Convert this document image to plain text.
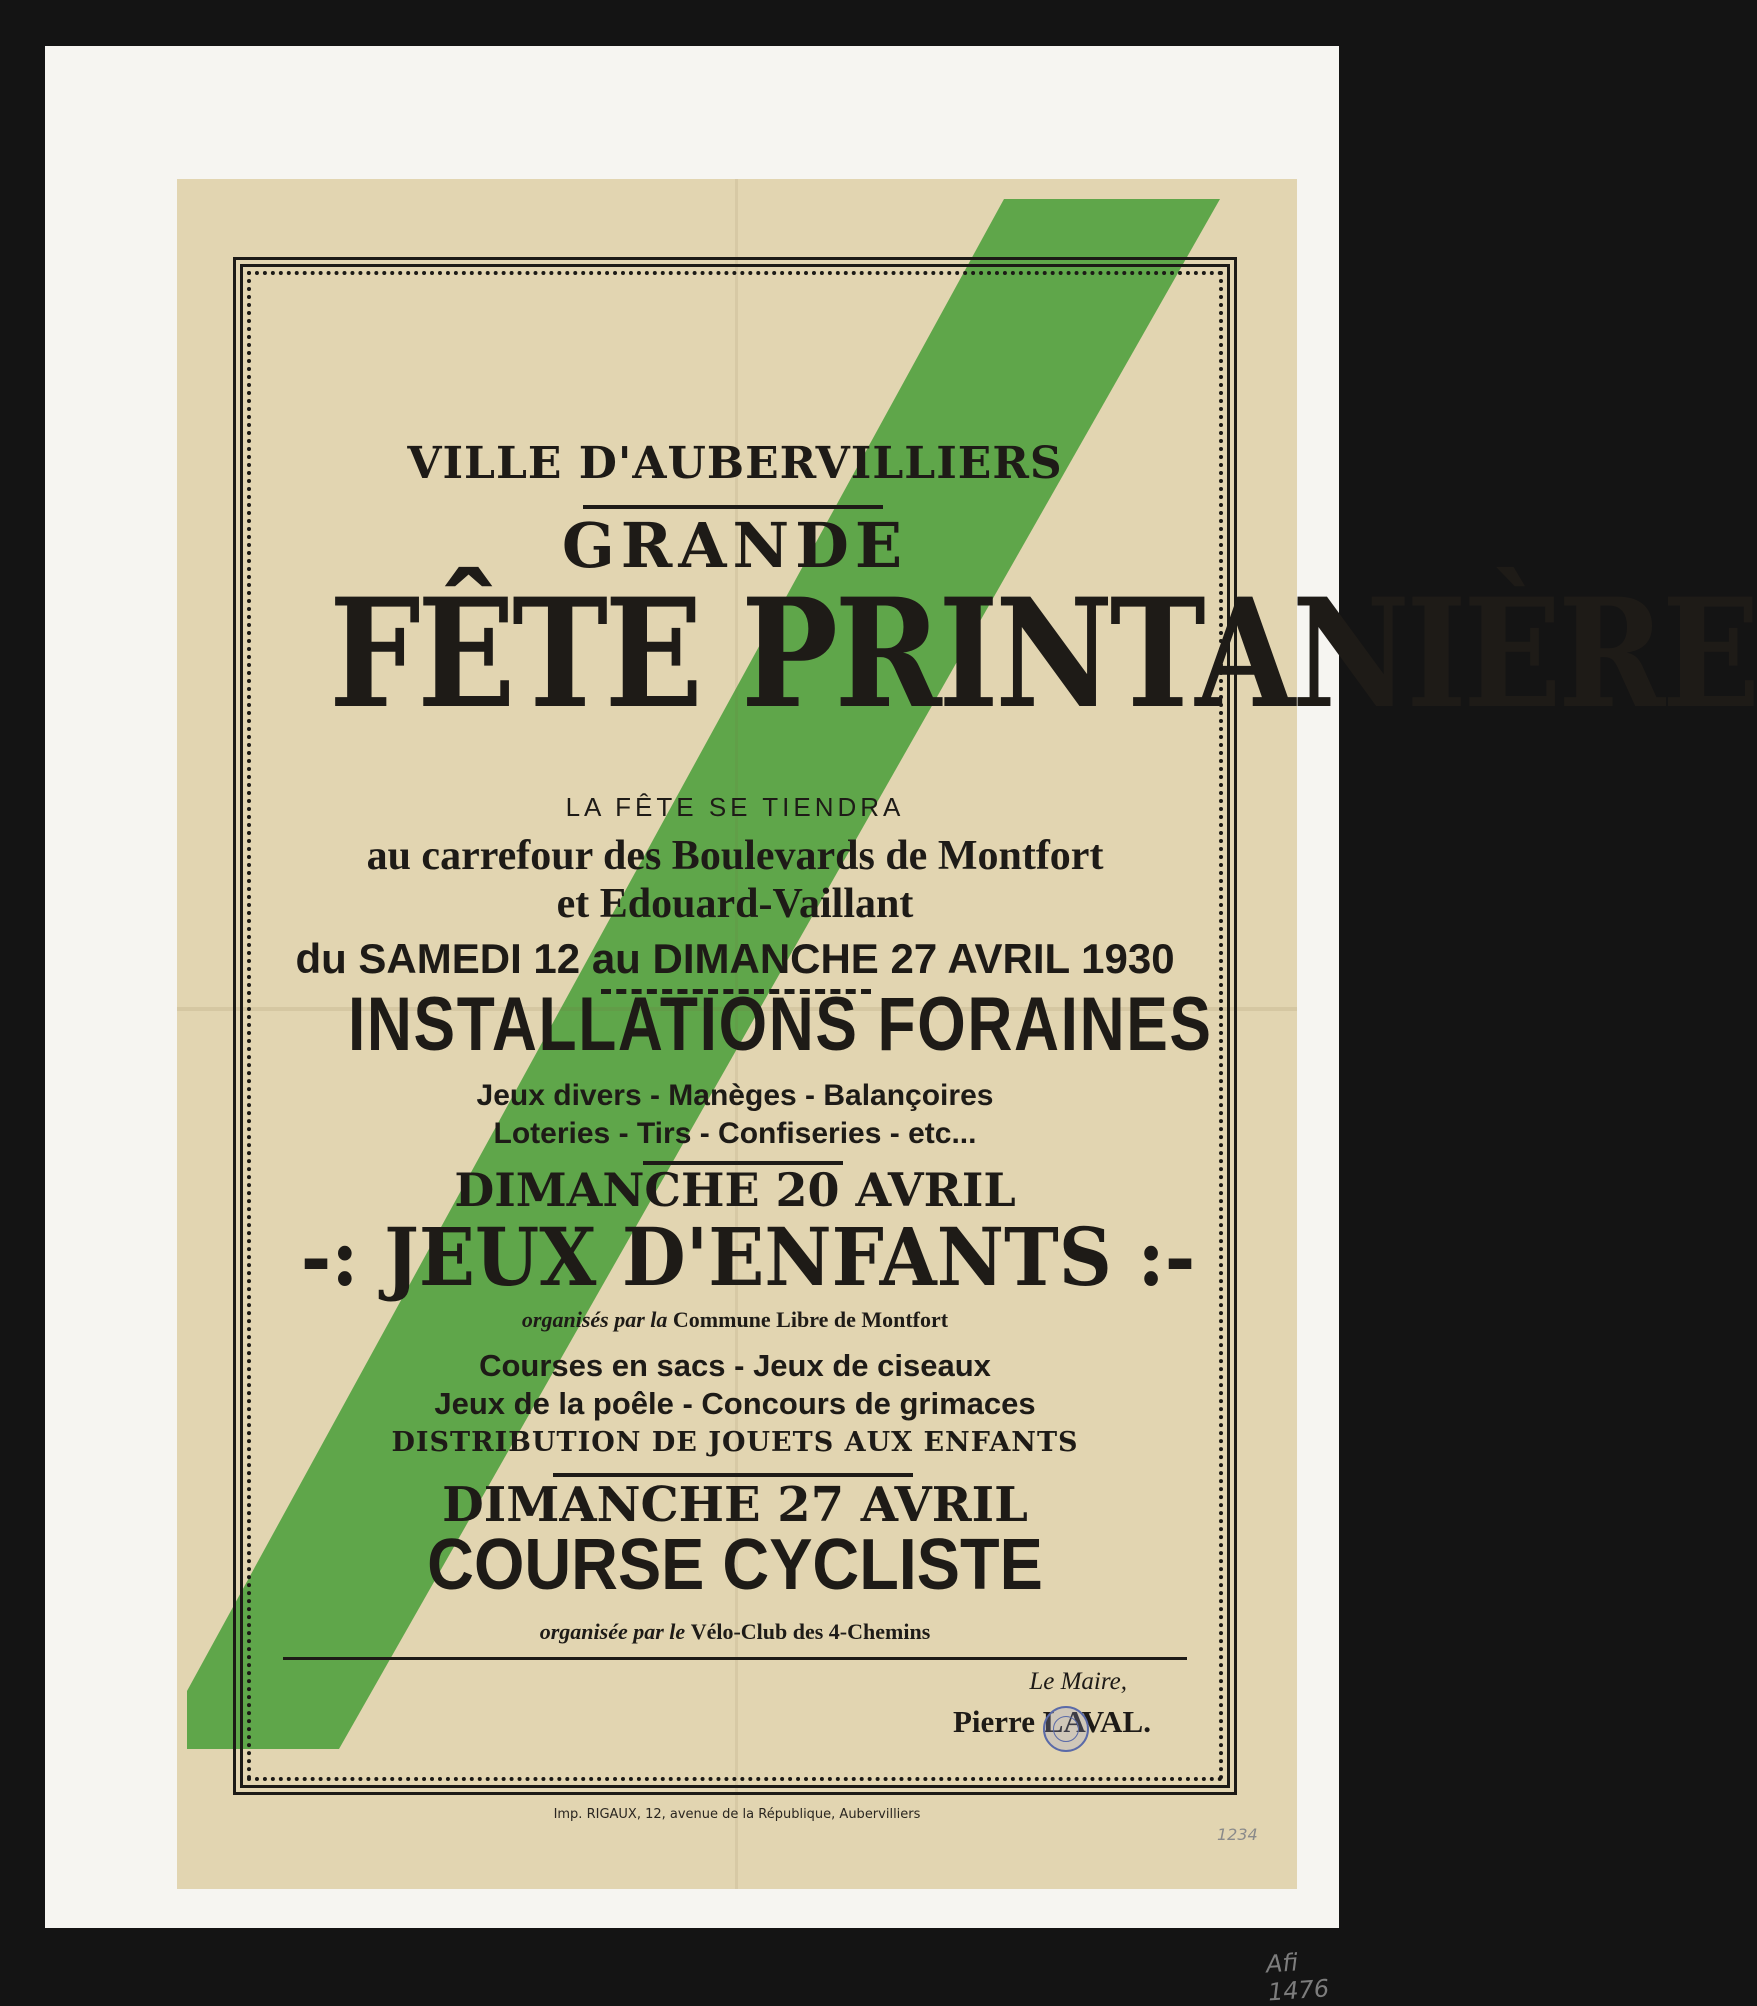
VILLE D'AUBERVILLIERS
GRANDE
FÊTE PRINTANIÈRE
LA FÊTE SE TIENDRA
au carrefour des Boulevards de Montfort
et Edouard-Vaillant
du SAMEDI 12 au DIMANCHE 27 AVRIL 1930
INSTALLATIONS FORAINES
Jeux divers - Manèges - Balançoires
Loteries - Tirs - Confiseries - etc...
DIMANCHE 20 AVRIL
-: JEUX D'ENFANTS :-
organisés par la Commune Libre de Montfort
Courses en sacs - Jeux de ciseaux
Jeux de la poêle - Concours de grimaces
DISTRIBUTION DE JOUETS AUX ENFANTS
DIMANCHE 27 AVRIL
COURSE CYCLISTE
organisée par le Vélo-Club des 4-Chemins
Le Maire,
Pierre LAVAL.
Imp. RIGAUX, 12, avenue de la République, Aubervilliers
1234
Afi 1476
